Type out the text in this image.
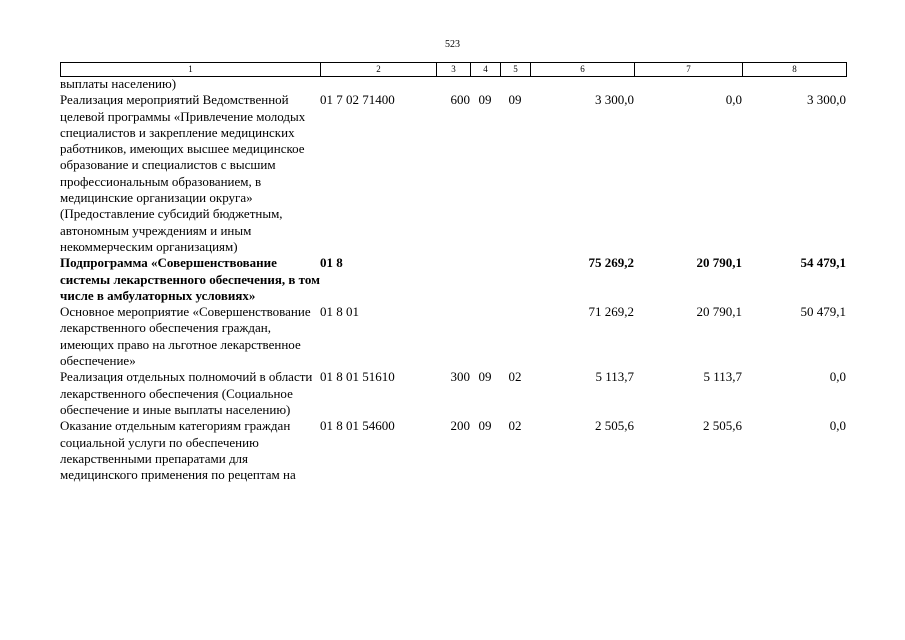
523
1	2	3	4	5	6	7	8
выплаты населению)							
Реализация мероприятий Ведомственной целевой программы «Привлечение молодых специалистов и закрепление медицинских работников, имеющих высшее медицинское образование и специалистов с высшим профессиональным образованием, в медицинские организации округа» (Предоставление субсидий бюджетным, автономным учреждениям и иным некоммерческим организациям)	01 7 02 71400	600	09	09	3 300,0	0,0	3 300,0
Подпрограмма «Совершенствование системы лекарственного обеспечения, в том числе в амбулаторных условиях»	01 8				75 269,2	20 790,1	54 479,1
Основное мероприятие «Совершенствование лекарственного обеспечения граждан, имеющих право на льготное лекарственное обеспечение»	01 8 01				71 269,2	20 790,1	50 479,1
Реализация отдельных полномочий в области лекарственного обеспечения (Социальное обеспечение и иные выплаты населению)	01 8 01 51610	300	09	02	5 113,7	5 113,7	0,0
Оказание отдельным категориям граждан социальной услуги по обеспечению лекарственными препаратами для медицинского применения по рецептам на	01 8 01 54600	200	09	02	2 505,6	2 505,6	0,0
